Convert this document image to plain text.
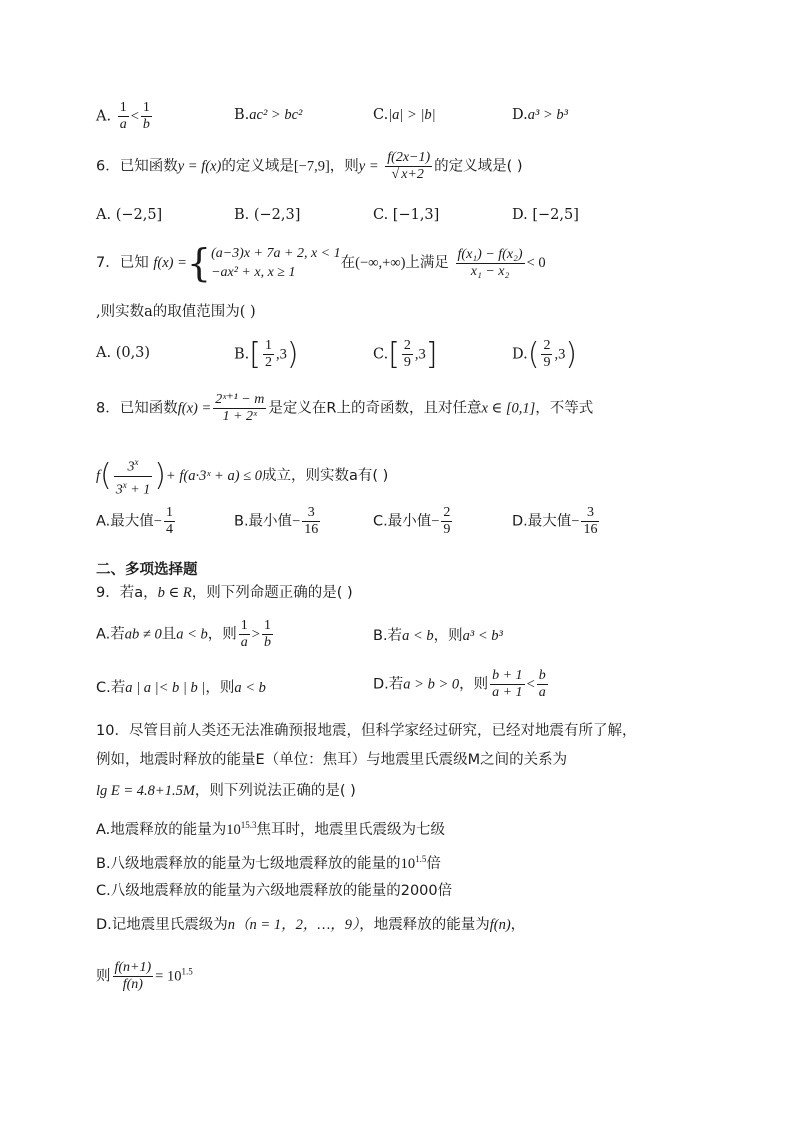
A. $\frac{1}{a} < \frac{1}{b}$	B.ac² > bc²	C.|a| > |b|	D.a³ > b³
6．已知函数y = f(x)的定义域是[−7,9]，则$y = \frac{f(2x-1)}{√ x+2}$ 的定义域是( )
A. (−2,5]	B. (−2,3]	C. [−1,3]	D. [−2,5]
7．已知 f(x) ={ (a−3)x + 7a + 2, x < 1
−ax² + x, x ≥ 1
在(−∞,+∞)上满足 $\frac{\text{f(x₁) − f(x₂)}}{\text{x₁ − x₂}} < 0$
,则实数a的取值范围为( )
A. (0,3)	$B.[ \frac{1}{2} ,3)$	$C.[ \frac{2}{9} ,3]$	$D.( \frac{2}{9} ,3)$
8．已知函数$f(x) = \frac{\text{2ˣ⁺¹ − m}}{\text{1 + 2ˣ}}$ 是定义在R上的奇函数，且对任意x ∈ [0,1]，不等式
$f( \frac{3^x}{3^x + 1}$ )+ f(a·3ˣ + a) ≤ 0成立，则实数a有( )
A.最大值− $\frac{1}{4}$	B.最小值− $\frac{3}{16}$	C.最小值− $\frac{2}{9}$	D.最大值− $\frac{3}{16}$
二、多项选择题
9．若a，b ∈ R，则下列命题正确的是( )
A.若ab ≠ 0且a < b，则 $\frac{1}{a} > \frac{1}{b}$	B.若a < b，则a³ < b³
C.若a | a |< b | b |，则a < b	D.若a > b > 0，则 $\frac{b + 1}{a + 1} < \frac{b}{a}$
10．尽管目前人类还无法准确预报地震，但科学家经过研究，已经对地震有所了解，
例如，地震时释放的能量E（单位：焦耳）与地震里氏震级M之间的关系为
lg E = 4.8+1.5M，则下列说法正确的是( )
A.地震释放的能量为$10^{15.3}$焦耳时，地震里氏震级为七级
B.八级地震释放的能量为七级地震释放的能量的$10^{1.5}$倍
C.八级地震释放的能量为六级地震释放的能量的2000倍
D.记地震里氏震级为n（n = 1，2，…，9），地震释放的能量为f(n)，
则 $\frac{f(n+1)}{f(n)} = 10^{1.5}$
